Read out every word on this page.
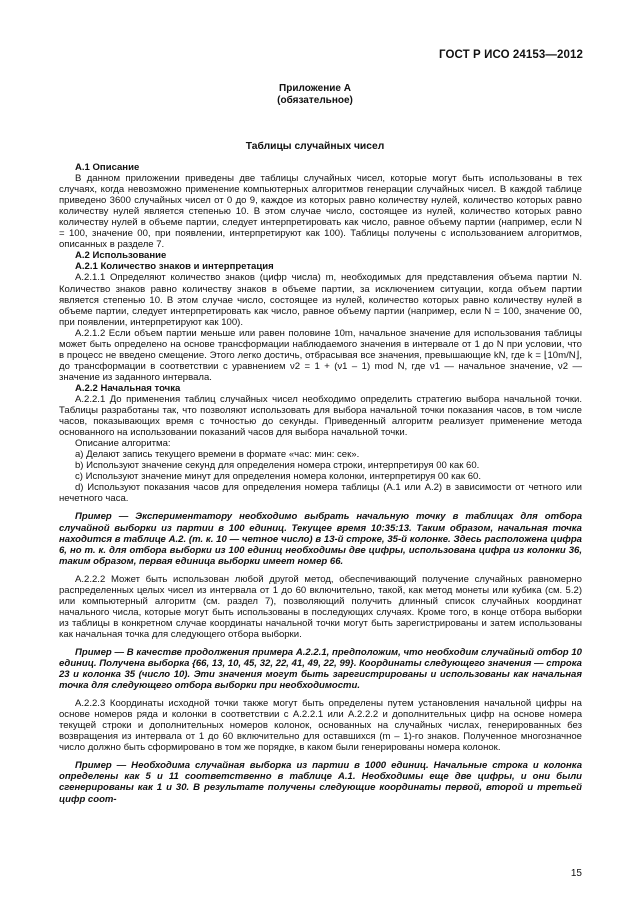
ГОСТ Р ИСО 24153—2012
Приложение А
(обязательное)
Таблицы случайных чисел

А.1 Описание

В данном приложении приведены две таблицы случайных чисел, которые могут быть использованы в тех случаях, когда невозможно применение компьютерных алгоритмов генерации случайных чисел. В каждой таблице приведено 3600 случайных чисел от 0 до 9, каждое из которых равно количеству нулей, количество которых равно количеству нулей является степенью 10. В этом случае число, состоящее из нулей, количество которых равно количеству нулей в объеме партии, следует интерпретировать как число, равное объему партии (например, если N = 100, значение 00, при появлении, интерпретируют как 100). Таблицы получены с использованием алгоритмов, описанных в разделе 7.

А.2 Использование

А.2.1 Количество знаков и интерпретация

А.2.1.1 Определяют количество знаков (цифр числа) m, необходимых для представления объема партии N. Количество знаков равно количеству знаков в объеме партии, за исключением ситуации, когда объем партии является степенью 10. В этом случае число, состоящее из нулей, количество которых равно количеству нулей в объеме партии, следует интерпретировать как число, равное объему партии (например, если N = 100, значение 00, при появлении, интерпретируют как 100).

А.2.1.2 Если объем партии меньше или равен половине 10m, начальное значение для использования таблицы может быть определено на основе трансформации наблюдаемого значения в интервале от 1 до N при условии, что в процесс не введено смещение. Этого легко достичь, отбрасывая все значения, превышающие kN, где k = ⌊10m/N⌋, до трансформации в соответствии с уравнением ν2 = 1 + (ν1 – 1) mod N, где ν1 — начальное значение, ν2 — значение из заданного интервала.

А.2.2 Начальная точка

А.2.2.1 До применения таблиц случайных чисел необходимо определить стратегию выбора начальной точки. Таблицы разработаны так, что позволяют использовать для выбора начальной точки показания часов, в том числе часов, показывающих время с точностью до секунды. Приведенный алгоритм реализует применение метода основанного на использовании показаний часов для выбора начальной точки.

Описание алгоритма:

a) Делают запись текущего времени в формате «час: мин: сек».

b) Используют значение секунд для определения номера строки, интерпретируя 00 как 60.

c) Используют значение минут для определения номера колонки, интерпретируя 00 как 60.

d) Используют показания часов для определения номера таблицы (А.1 или А.2) в зависимости от четного или нечетного часа.

Пример — Экспериментатору необходимо выбрать начальную точку в таблицах для отбора случайной выборки из партии в 100 единиц. Текущее время 10:35:13. Таким образом, начальная точка находится в таблице А.2. (т. к. 10 — четное число) в 13-й строке, 35-й колонке. Здесь расположена цифра 6, но т. к. для отбора выборки из 100 единиц необходимы две цифры, использована цифра из колонки 36, таким образом, первая единица выборки имеет номер 66.

А.2.2.2 Может быть использован любой другой метод, обеспечивающий получение случайных равномерно распределенных целых чисел из интервала от 1 до 60 включительно, такой, как метод монеты или кубика (см. 5.2) или компьютерный алгоритм (см. раздел 7), позволяющий получить длинный список случайных координат начального числа, которые могут быть использованы в последующих случаях. Кроме того, в конце отбора выборки из таблицы в конкретном случае координаты начальной точки могут быть зарегистрированы и затем использованы как начальная точка для следующего отбора выборки.

Пример — В качестве продолжения примера А.2.2.1, предположим, что необходим случайный отбор 10 единиц. Получена выборка {66, 13, 10, 45, 32, 22, 41, 49, 22, 99}. Координаты следующего значения — строка 23 и колонка 35 (число 10). Эти значения могут быть зарегистрированы и использованы как начальная точка для следующего отбора выборки при необходимости.

А.2.2.3 Координаты исходной точки также могут быть определены путем установления начальной цифры на основе номеров ряда и колонки в соответствии с А.2.2.1 или А.2.2.2 и дополнительных цифр на основе номера текущей строки и дополнительных номеров колонок, основанных на случайных числах, генерированных без возвращения из интервала от 1 до 60 включительно для оставшихся (m – 1)-го знаков. Полученное многозначное число должно быть сформировано в том же порядке, в каком были генерированы номера колонок.

Пример — Необходима случайная выборка из партии в 1000 единиц. Начальные строка и колонка определены как 5 и 11 соответственно в таблице А.1. Необходимы еще две цифры, и они были сгенерированы как 1 и 30. В результате получены следующие координаты первой, второй и третьей цифр соот-

15
